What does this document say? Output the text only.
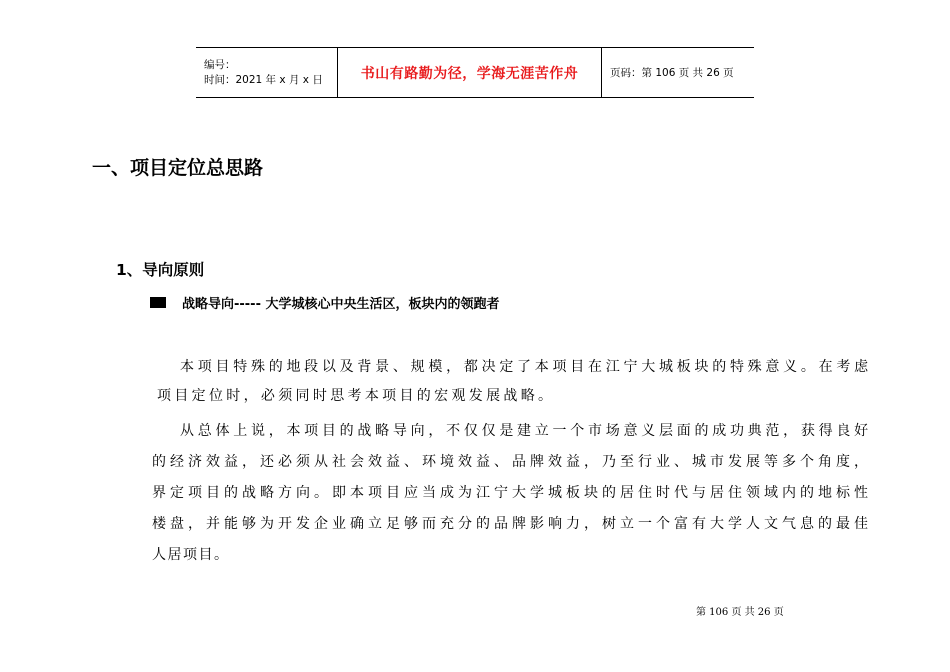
编号：
时间：2021 年 x 月 x 日	书山有路勤为径，学海无涯苦作舟	页码：第 106 页 共 26 页
一、项目定位总思路
1、导向原则
战略导向----- 大学城核心中央生活区，板块内的领跑者
本项目特殊的地段以及背景、规模，都决定了本项目在江宁大城板块的特殊意义。在考虑
项目定位时，必须同时思考本项目的宏观发展战略。
从总体上说，本项目的战略导向，不仅仅是建立一个市场意义层面的成功典范，获得良好
的经济效益，还必须从社会效益、环境效益、品牌效益，乃至行业、城市发展等多个角度，
界定项目的战略方向。即本项目应当成为江宁大学城板块的居住时代与居住领域内的地标性
楼盘，并能够为开发企业确立足够而充分的品牌影响力，树立一个富有大学人文气息的最佳
人居项目。
第 106 页 共 26 页
